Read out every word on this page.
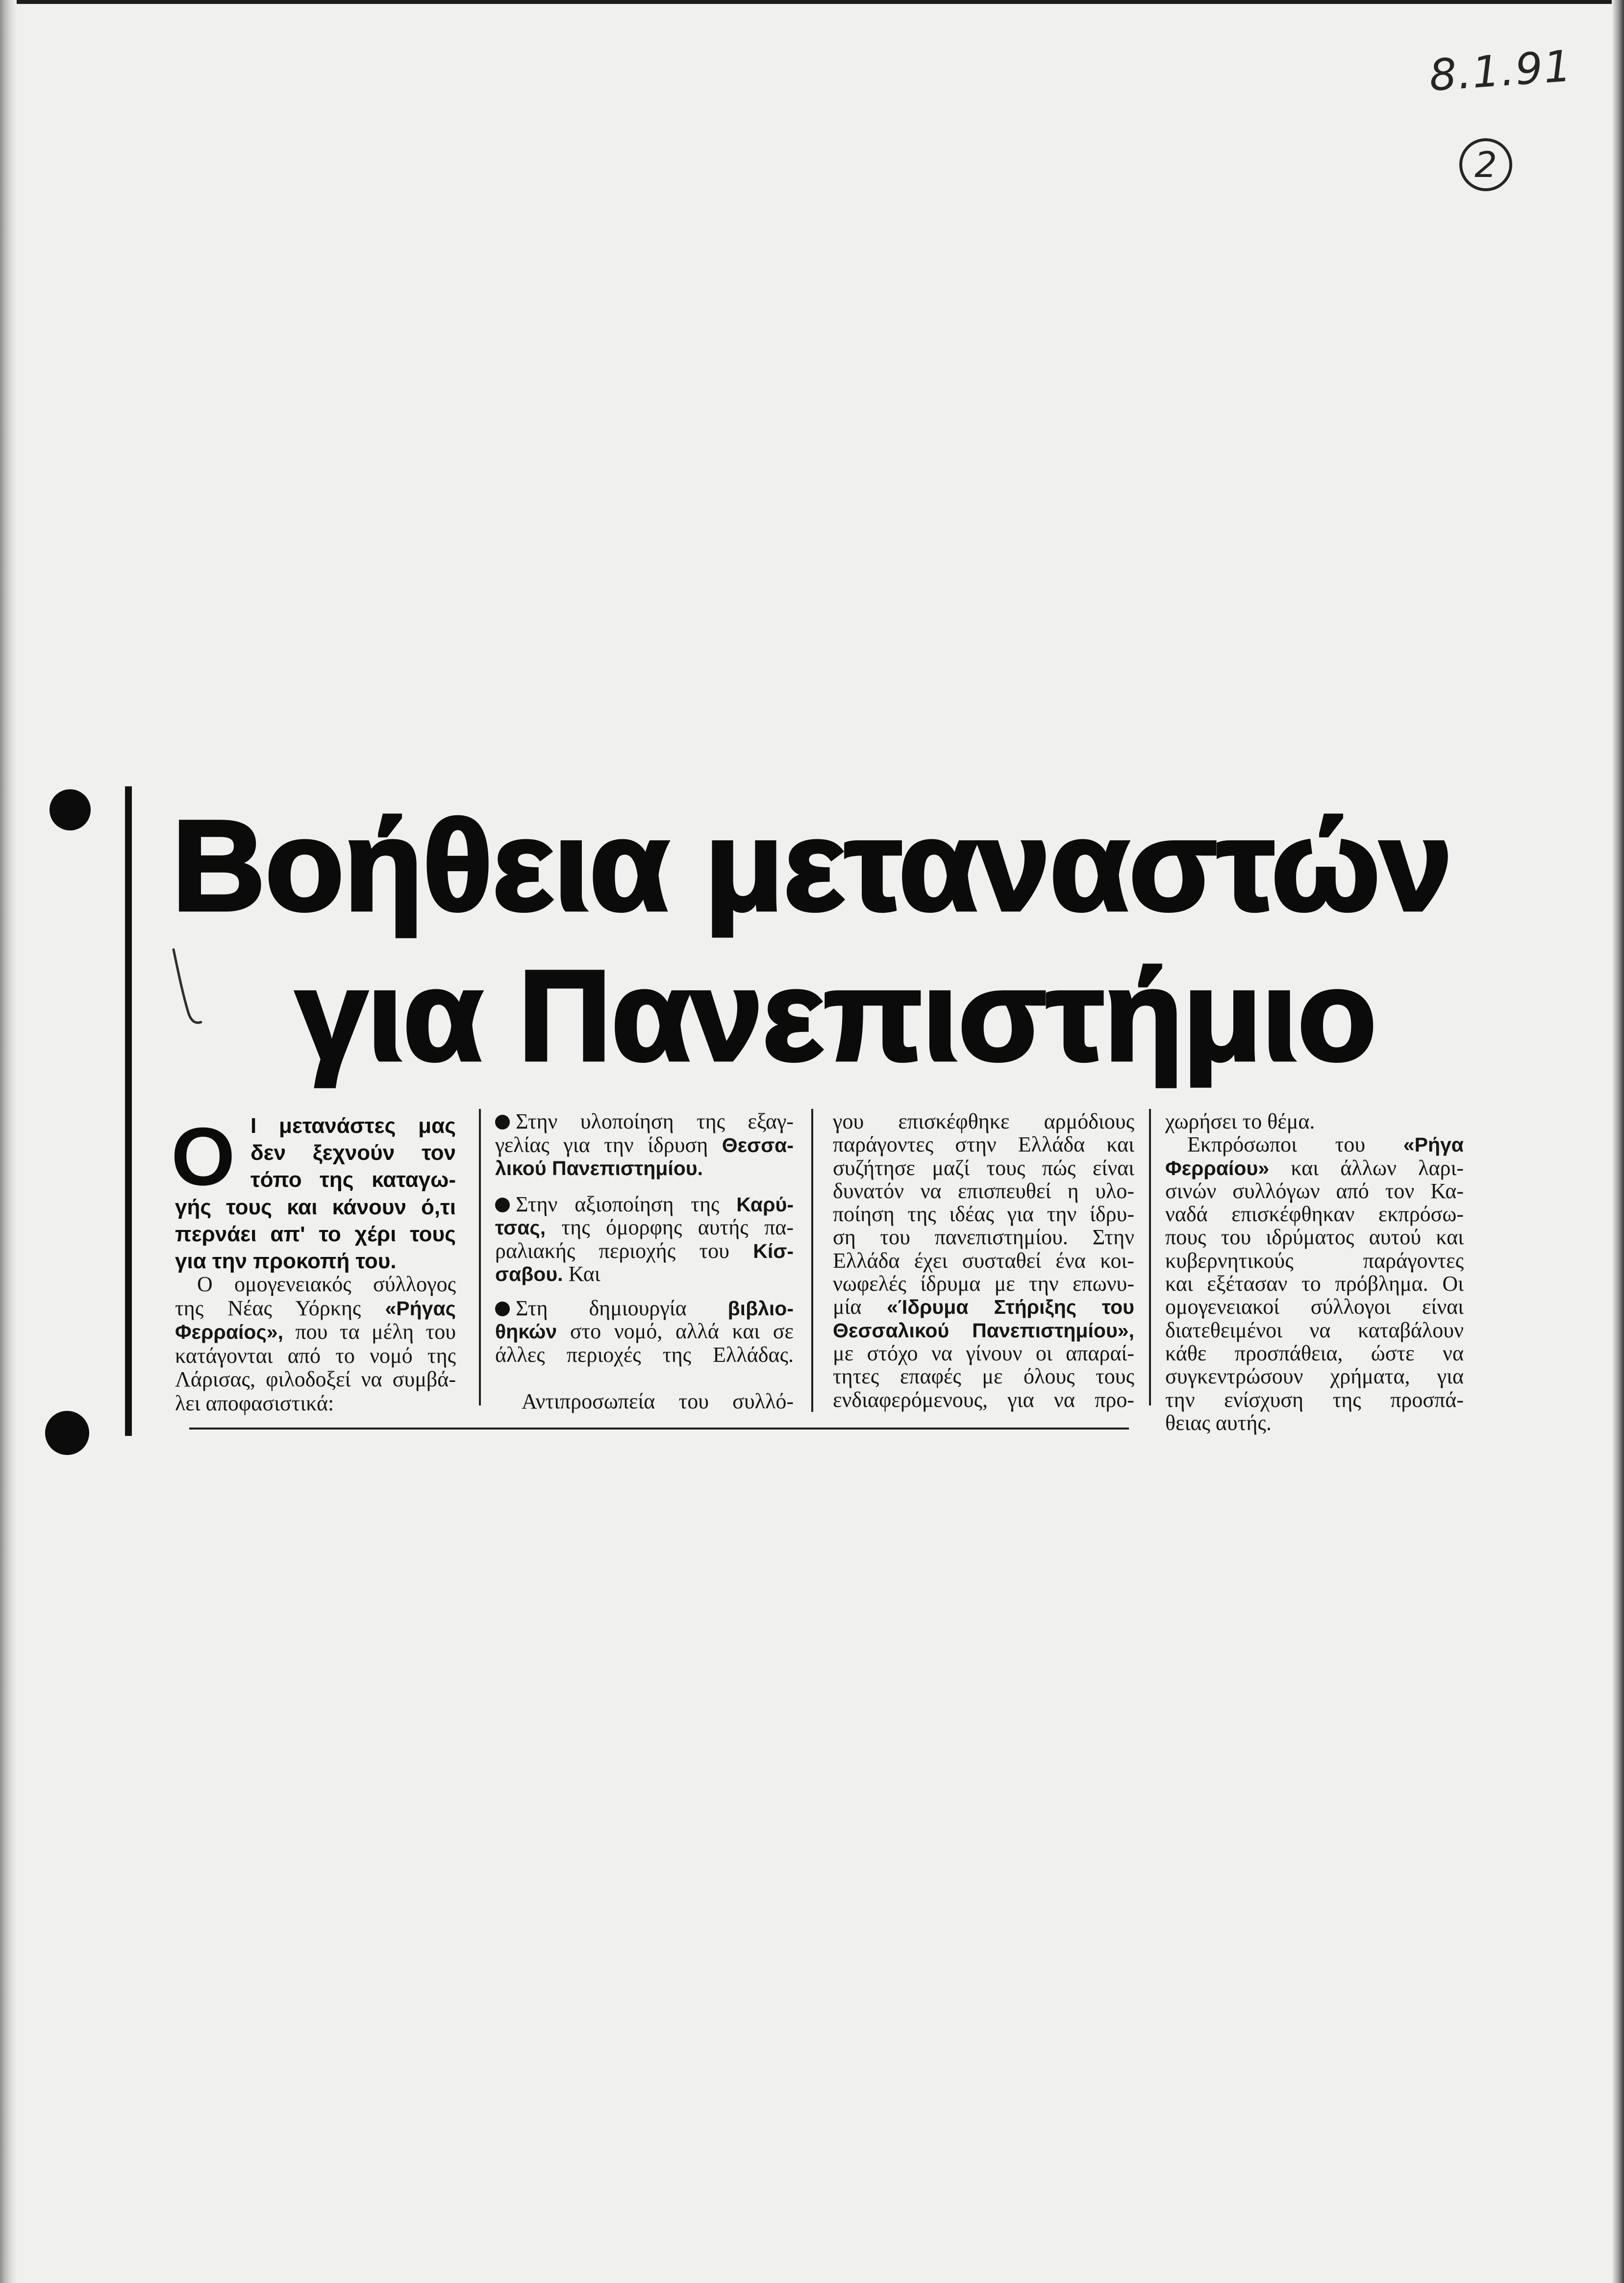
8.1.91
2
Βοήθεια μεταναστών
για Πανεπιστήμιο
Ο Ι μετανάστες μας
δεν ξεχνούν τον
τόπο της καταγω-
γής τους και κάνουν ό,τι
περνάει απ' το χέρι τους
για την προκοπή του.
Ο ομογενειακός σύλλογος
της Νέας Υόρκης «Ρήγας
Φερραίος», που τα μέλη του
κατάγονται από το νομό της
Λάρισας, φιλοδοξεί να συμβά-
λει αποφασιστικά:
Στην υλοποίηση της εξαγ-
γελίας για την ίδρυση Θεσσα-
λικού Πανεπιστημίου.
Στην αξιοποίηση της Καρύ-
τσας, της όμορφης αυτής πα-
ραλιακής περιοχής του Κίσ-
σαβου. Και
Στη δημιουργία βιβλιο-
θηκών στο νομό, αλλά και σε
άλλες περιοχές της Ελλάδας.
Αντιπροσωπεία του συλλό-
γου επισκέφθηκε αρμόδιους
παράγοντες στην Ελλάδα και
συζήτησε μαζί τους πώς είναι
δυνατόν να επισπευθεί η υλο-
ποίηση της ιδέας για την ίδρυ-
ση του πανεπιστημίου. Στην
Ελλάδα έχει συσταθεί ένα κοι-
νωφελές ίδρυμα με την επωνυ-
μία «Ίδρυμα Στήριξης του
Θεσσαλικού Πανεπιστημίου»,
με στόχο να γίνουν οι απαραί-
τητες επαφές με όλους τους
ενδιαφερόμενους, για να προ-
χωρήσει το θέμα.
Εκπρόσωποι του «Ρήγα
Φερραίου» και άλλων λαρι-
σινών συλλόγων από τον Κα-
ναδά επισκέφθηκαν εκπρόσω-
πους του ιδρύματος αυτού και
κυβερνητικούς παράγοντες
και εξέτασαν το πρόβλημα. Οι
ομογενειακοί σύλλογοι είναι
διατεθειμένοι να καταβάλουν
κάθε προσπάθεια, ώστε να
συγκεντρώσουν χρήματα, για
την ενίσχυση της προσπά-
θειας αυτής.
